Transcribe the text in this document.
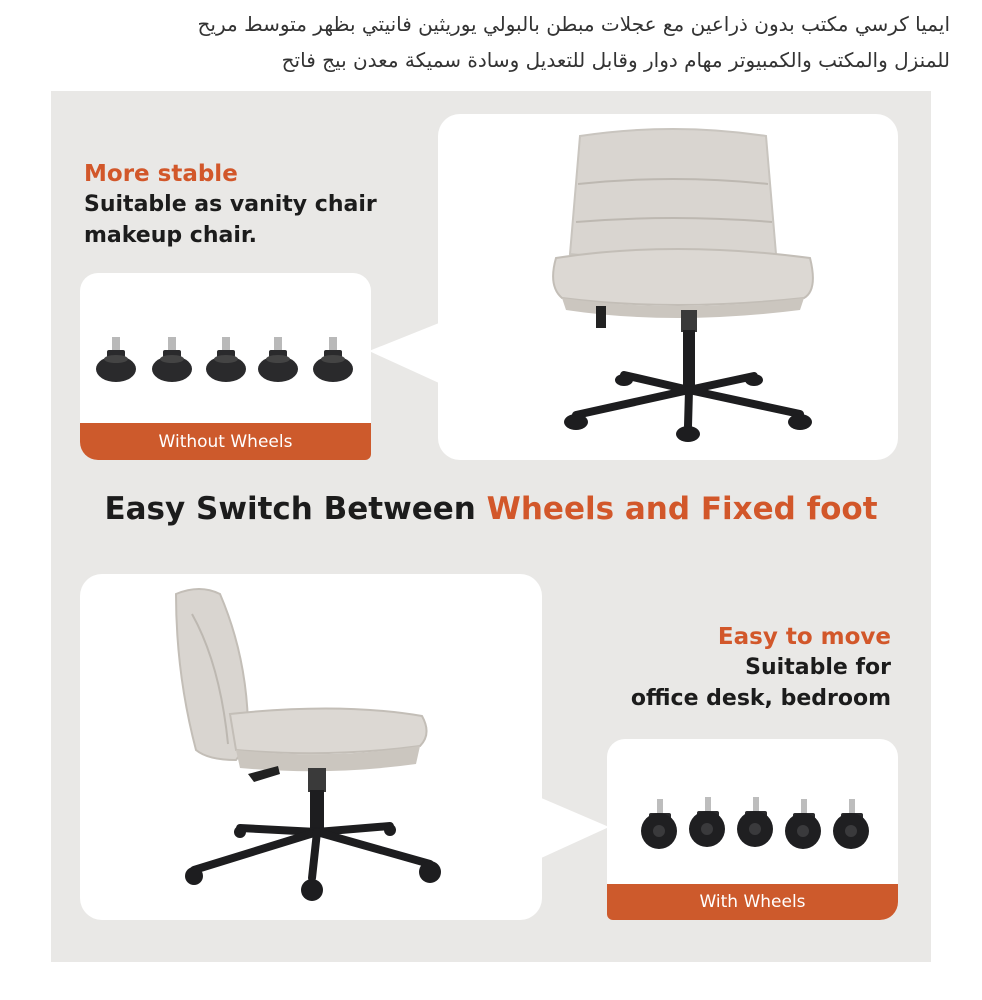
ايميا كرسي مكتب بدون ذراعين مع عجلات مبطن بالبولي يوريثين فانيتي بظهر متوسط مريح
للمنزل والمكتب والكمبيوتر مهام دوار وقابل للتعديل وسادة سميكة معدن بيج فاتح
More stable
Suitable as vanity chair
makeup chair.
Without Wheels
Easy Switch Between Wheels and Fixed foot
Easy to move
Suitable for
office desk, bedroom
With Wheels
